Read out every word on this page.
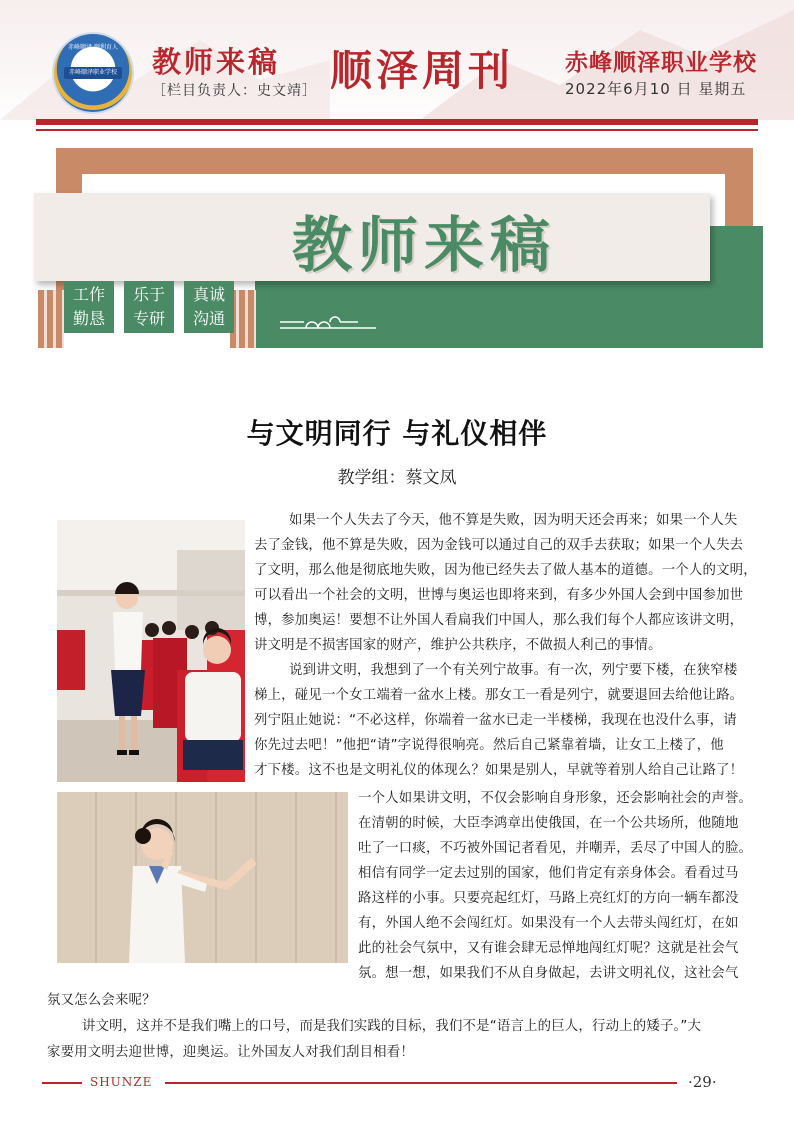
赤峰顺泽 顺利育人
赤峰顺泽职业学校 教师来稿
［栏目负责人：史文靖］ 顺泽周刊 赤峰顺泽职业学校
2022年6月10 日 星期五
教师来稿
工作
勤恳
乐于
专研
真诚
沟通
与文明同行 与礼仪相伴
教学组：蔡文凤
如果一个人失去了今天，他不算是失败，因为明天还会再来；如果一个人失
去了金钱，他不算是失败，因为金钱可以通过自己的双手去获取；如果一个人失去
了文明，那么他是彻底地失败，因为他已经失去了做人基本的道德。一个人的文明，
可以看出一个社会的文明，世博与奥运也即将来到，有多少外国人会到中国参加世
博，参加奥运！要想不让外国人看扁我们中国人，那么我们每个人都应该讲文明，
讲文明是不损害国家的财产，维护公共秩序，不做损人利己的事情。
说到讲文明，我想到了一个有关列宁故事。有一次，列宁要下楼，在狭窄楼
梯上，碰见一个女工端着一盆水上楼。那女工一看是列宁，就要退回去给他让路。
列宁阻止她说：“不必这样，你端着一盆水已走一半楼梯，我现在也没什么事，请
你先过去吧！”他把“请”字说得很响亮。然后自己紧靠着墙，让女工上楼了，他
才下楼。这不也是文明礼仪的体现么？如果是别人，早就等着别人给自己让路了！
一个人如果讲文明，不仅会影响自身形象，还会影响社会的声誉。
在清朝的时候，大臣李鸿章出使俄国，在一个公共场所，他随地
吐了一口痰，不巧被外国记者看见，并嘲弄，丢尽了中国人的脸。
相信有同学一定去过别的国家，他们肯定有亲身体会。看看过马
路这样的小事。只要亮起红灯，马路上亮红灯的方向一辆车都没
有，外国人绝不会闯红灯。如果没有一个人去带头闯红灯，在如
此的社会气氛中，又有谁会肆无忌惮地闯红灯呢？这就是社会气
氛。想一想，如果我们不从自身做起，去讲文明礼仪，这社会气
氛又怎么会来呢？
讲文明，这并不是我们嘴上的口号，而是我们实践的目标，我们不是“语言上的巨人，行动上的矮子。”大
家要用文明去迎世博，迎奥运。让外国友人对我们刮目相看！
SHUNZE	·29·
